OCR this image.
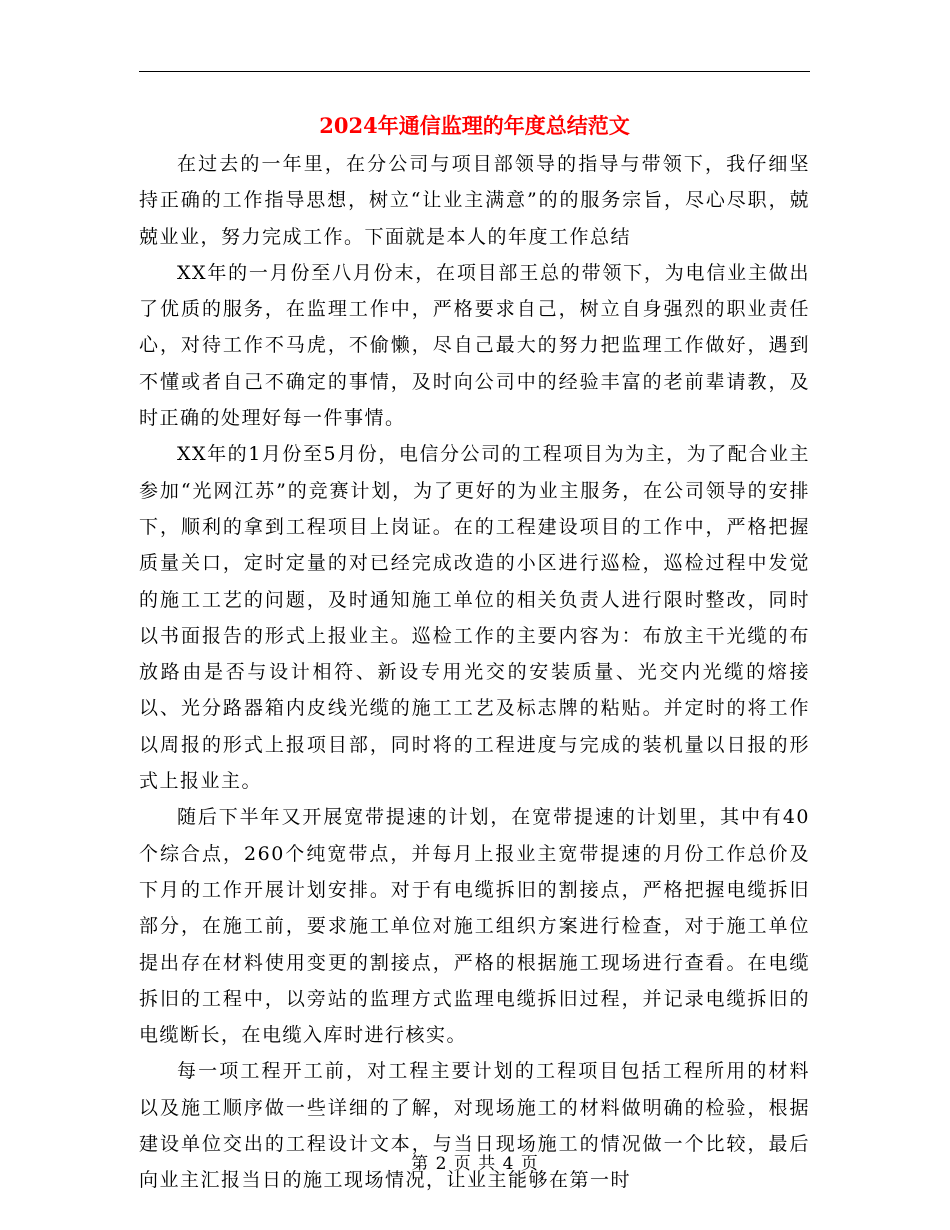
2024年通信监理的年度总结范文

在过去的一年里，在分公司与项目部领导的指导与带领下，我仔细坚持正确的工作指导思想，树立“让业主满意”的的服务宗旨，尽心尽职，兢兢业业，努力完成工作。下面就是本人的年度工作总结

XX年的一月份至八月份末，在项目部王总的带领下，为电信业主做出了优质的服务，在监理工作中，严格要求自己，树立自身强烈的职业责任心，对待工作不马虎，不偷懒，尽自己最大的努力把监理工作做好，遇到不懂或者自己不确定的事情，及时向公司中的经验丰富的老前辈请教，及时正确的处理好每一件事情。

XX年的1月份至5月份，电信分公司的工程项目为为主，为了配合业主参加“光网江苏”的竞赛计划，为了更好的为业主服务，在公司领导的安排下，顺利的拿到工程项目上岗证。在的工程建设项目的工作中，严格把握质量关口，定时定量的对已经完成改造的小区进行巡检，巡检过程中发觉的施工工艺的问题，及时通知施工单位的相关负责人进行限时整改，同时以书面报告的形式上报业主。巡检工作的主要内容为：布放主干光缆的布放路由是否与设计相符、新设专用光交的安装质量、光交内光缆的熔接以、光分路器箱内皮线光缆的施工工艺及标志牌的粘贴。并定时的将工作以周报的形式上报项目部，同时将的工程进度与完成的装机量以日报的形式上报业主。

随后下半年又开展宽带提速的计划，在宽带提速的计划里，其中有40个综合点，260个纯宽带点，并每月上报业主宽带提速的月份工作总价及下月的工作开展计划安排。对于有电缆拆旧的割接点，严格把握电缆拆旧部分，在施工前，要求施工单位对施工组织方案进行检查，对于施工单位提出存在材料使用变更的割接点，严格的根据施工现场进行查看。在电缆拆旧的工程中，以旁站的监理方式监理电缆拆旧过程，并记录电缆拆旧的电缆断长，在电缆入库时进行核实。

每一项工程开工前，对工程主要计划的工程项目包括工程所用的材料以及施工顺序做一些详细的了解，对现场施工的材料做明确的检验，根据建设单位交出的工程设计文本，与当日现场施工的情况做一个比较，最后向业主汇报当日的施工现场情况，让业主能够在第一时

第 2 页 共 4 页
